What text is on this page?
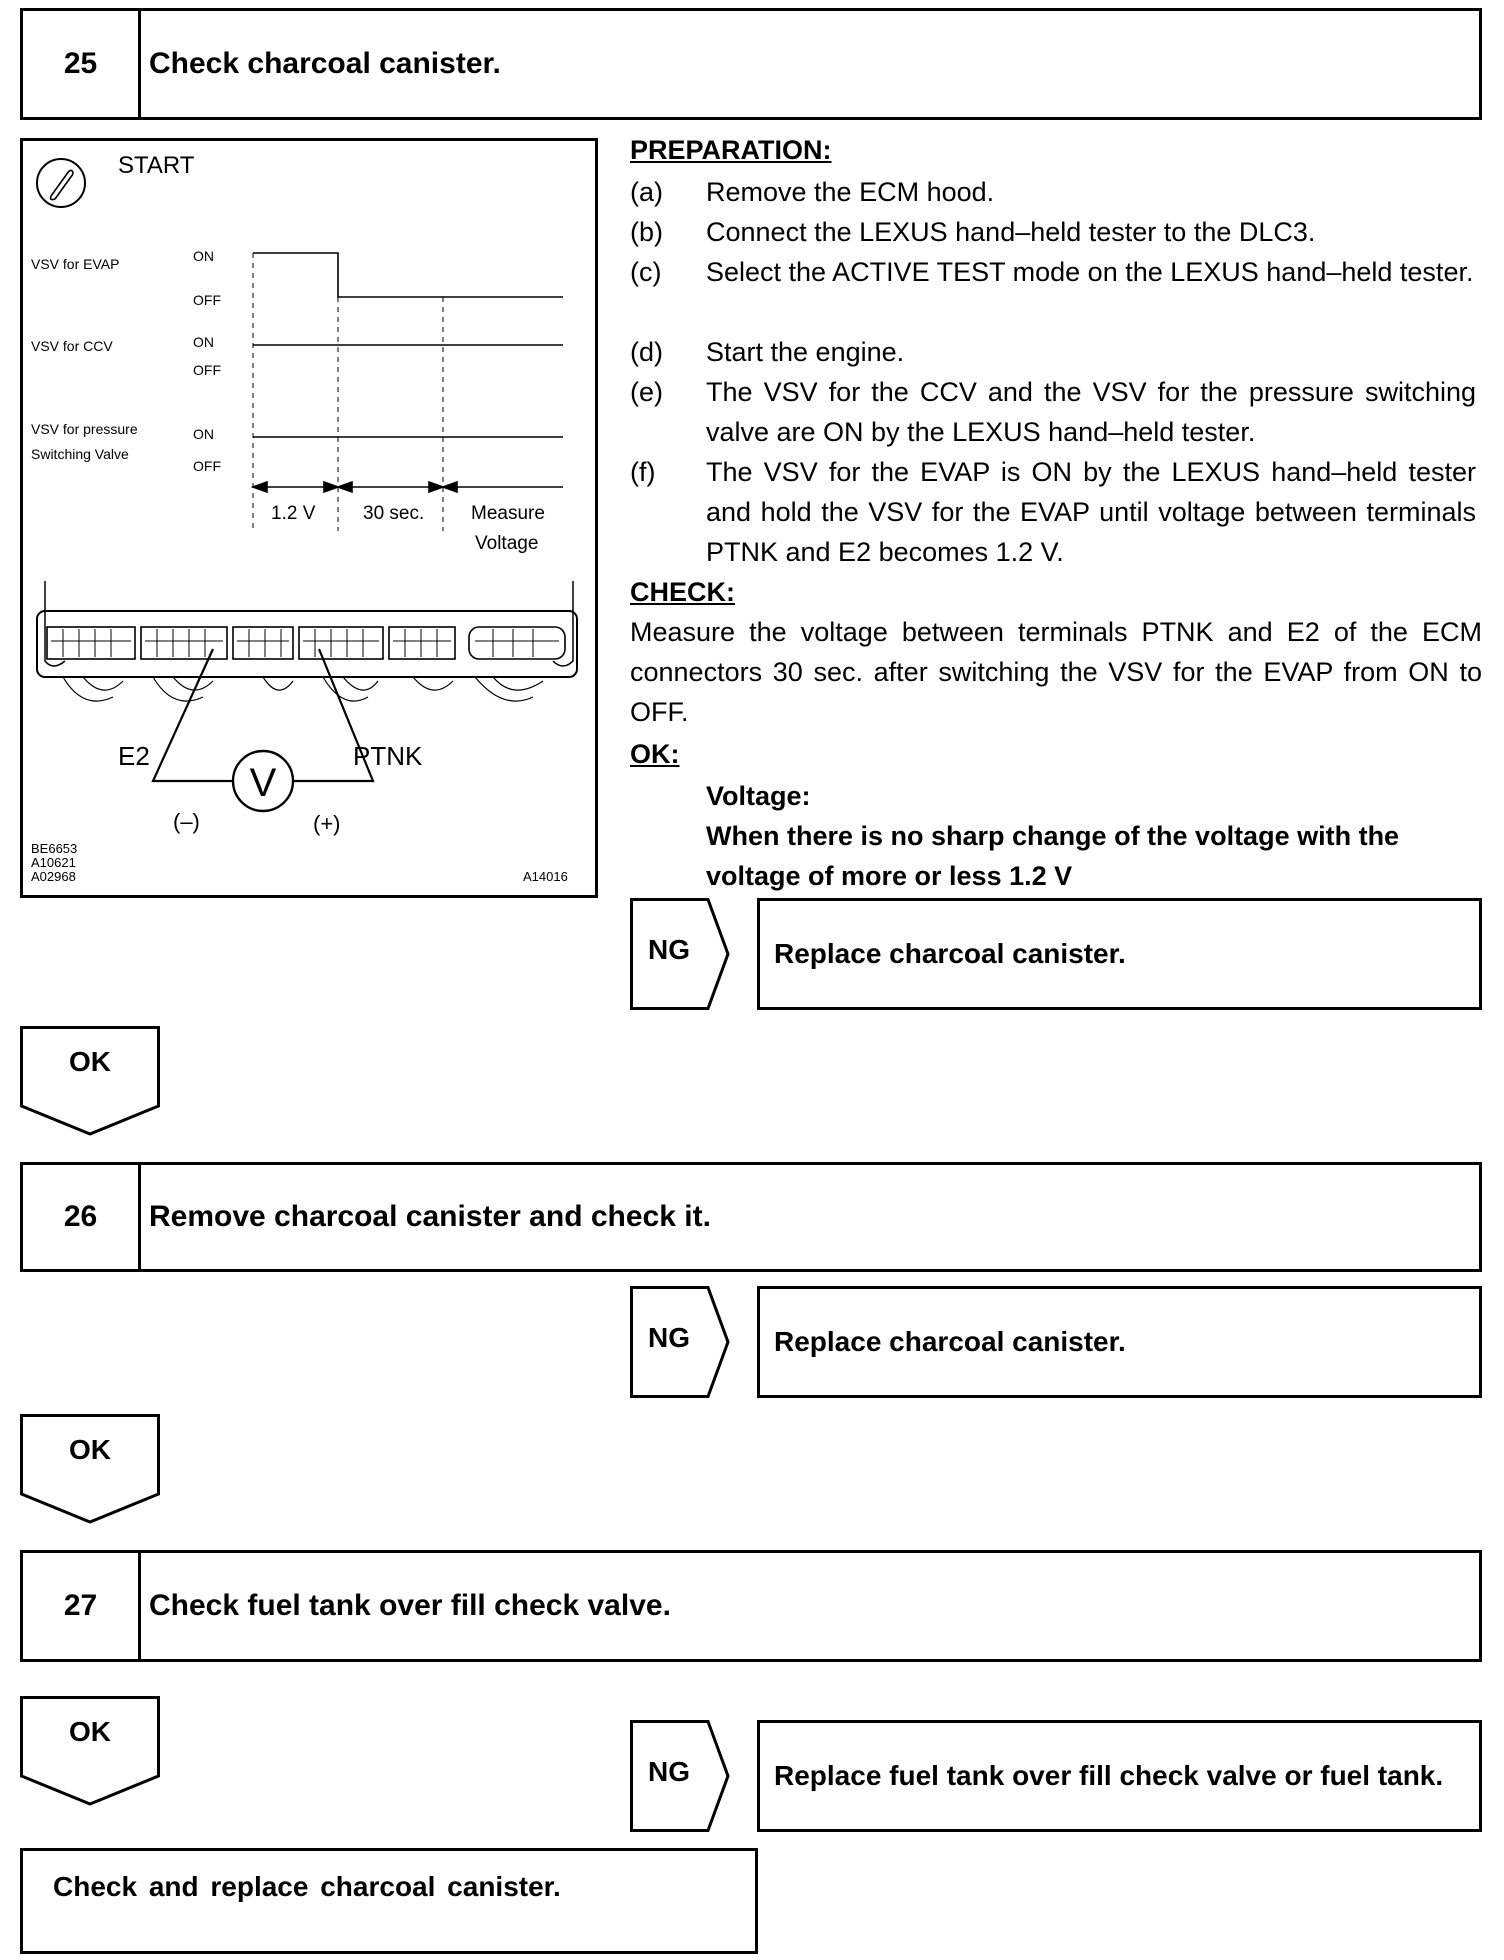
25	Check charcoal canister.
START
VSV for EVAP	ON
OFF
VSV for CCV	ON
OFF
VSV for pressure
Switching Valve
ON
OFF
1.2 V	30 sec. Measure
Voltage
V
E2	PTNK
(–)	(+)
BE6653
A10621
A02968	A14016
PREPARATION:
(a) Remove the ECM hood.
(b) Connect the LEXUS hand–held tester to the DLC3.
(c) Select the ACTIVE TEST mode on the LEXUS hand–held tester.
(d) Start the engine.
(e) The VSV for the CCV and the VSV for the pressure switching valve are ON by the LEXUS hand–held tester.
(f) The VSV for the EVAP is ON by the LEXUS hand–held tester and hold the VSV for the EVAP until voltage between terminals PTNK and E2 becomes 1.2 V.
CHECK:
Measure the voltage between terminals PTNK and E2 of the ECM connectors 30 sec. after switching the VSV for the EVAP from ON to OFF.
OK:
Voltage:
When there is no sharp change of the voltage with the voltage of more or less 1.2 V
NG	Replace charcoal canister.
OK
26	Remove charcoal canister and check it.
NG	Replace charcoal canister.
OK
27	Check fuel tank over fill check valve.
OK
NG	Replace fuel tank over fill check valve or fuel tank.
Check and replace charcoal canister.
